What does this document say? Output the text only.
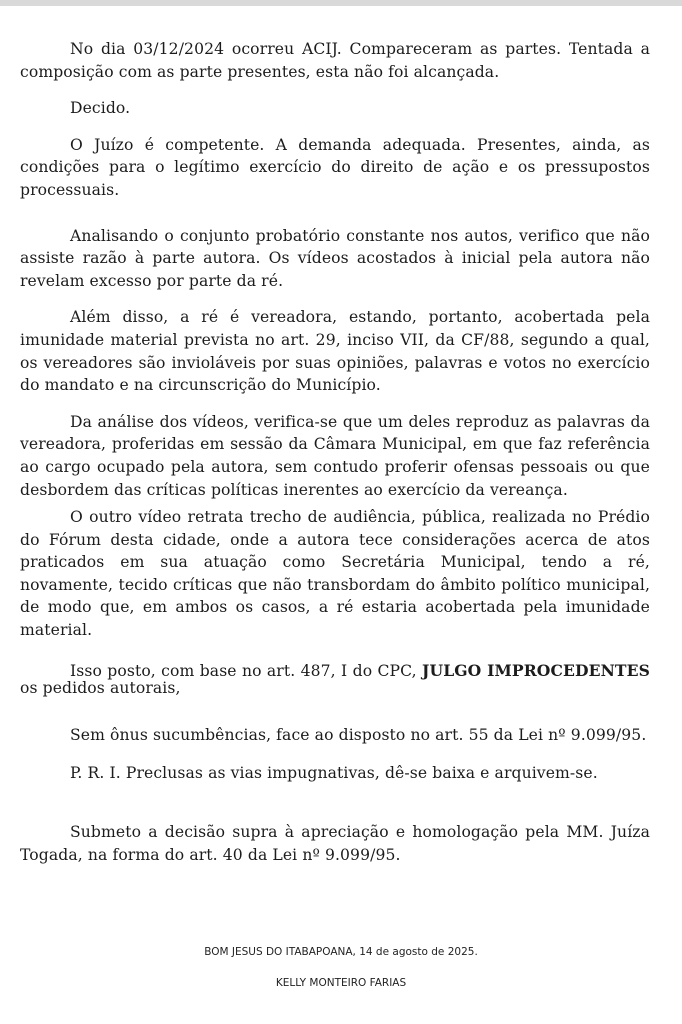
No dia 03/12/2024 ocorreu ACIJ. Compareceram as partes. Tentada a composição com as parte presentes, esta não foi alcançada.

Decido.

O Juízo é competente. A demanda adequada. Presentes, ainda, as condições para o legítimo exercício do direito de ação e os pressupostos processuais.

Analisando o conjunto probatório constante nos autos, verifico que não assiste razão à parte autora. Os vídeos acostados à inicial pela autora não revelam excesso por parte da ré.

Além disso, a ré é vereadora, estando, portanto, acobertada pela imunidade material prevista no art. 29, inciso VII, da CF/88, segundo a qual, os vereadores são invioláveis por suas opiniões, palavras e votos no exercício do mandato e na circunscrição do Município.

Da análise dos vídeos, verifica-se que um deles reproduz as palavras da vereadora, proferidas em sessão da Câmara Municipal, em que faz referência ao cargo ocupado pela autora, sem contudo proferir ofensas pessoais ou que desbordem das críticas políticas inerentes ao exercício da vereança.

O outro vídeo retrata trecho de audiência, pública, realizada no Prédio do Fórum desta cidade, onde a autora tece considerações acerca de atos praticados em sua atuação como Secretária Municipal, tendo a ré, novamente, tecido críticas que não transbordam do âmbito político municipal, de modo que, em ambos os casos, a ré estaria acobertada pela imunidade material.

Isso posto, com base no art. 487, I do CPC, JULGO IMPROCEDENTES os pedidos autorais,

Sem ônus sucumbências, face ao disposto no art. 55 da Lei nº 9.099/95.

P. R. I. Preclusas as vias impugnativas, dê-se baixa e arquivem-se.

Submeto a decisão supra à apreciação e homologação pela MM. Juíza Togada, na forma do art. 40 da Lei nº 9.099/95.

BOM JESUS DO ITABAPOANA, 14 de agosto de 2025.
KELLY MONTEIRO FARIAS
